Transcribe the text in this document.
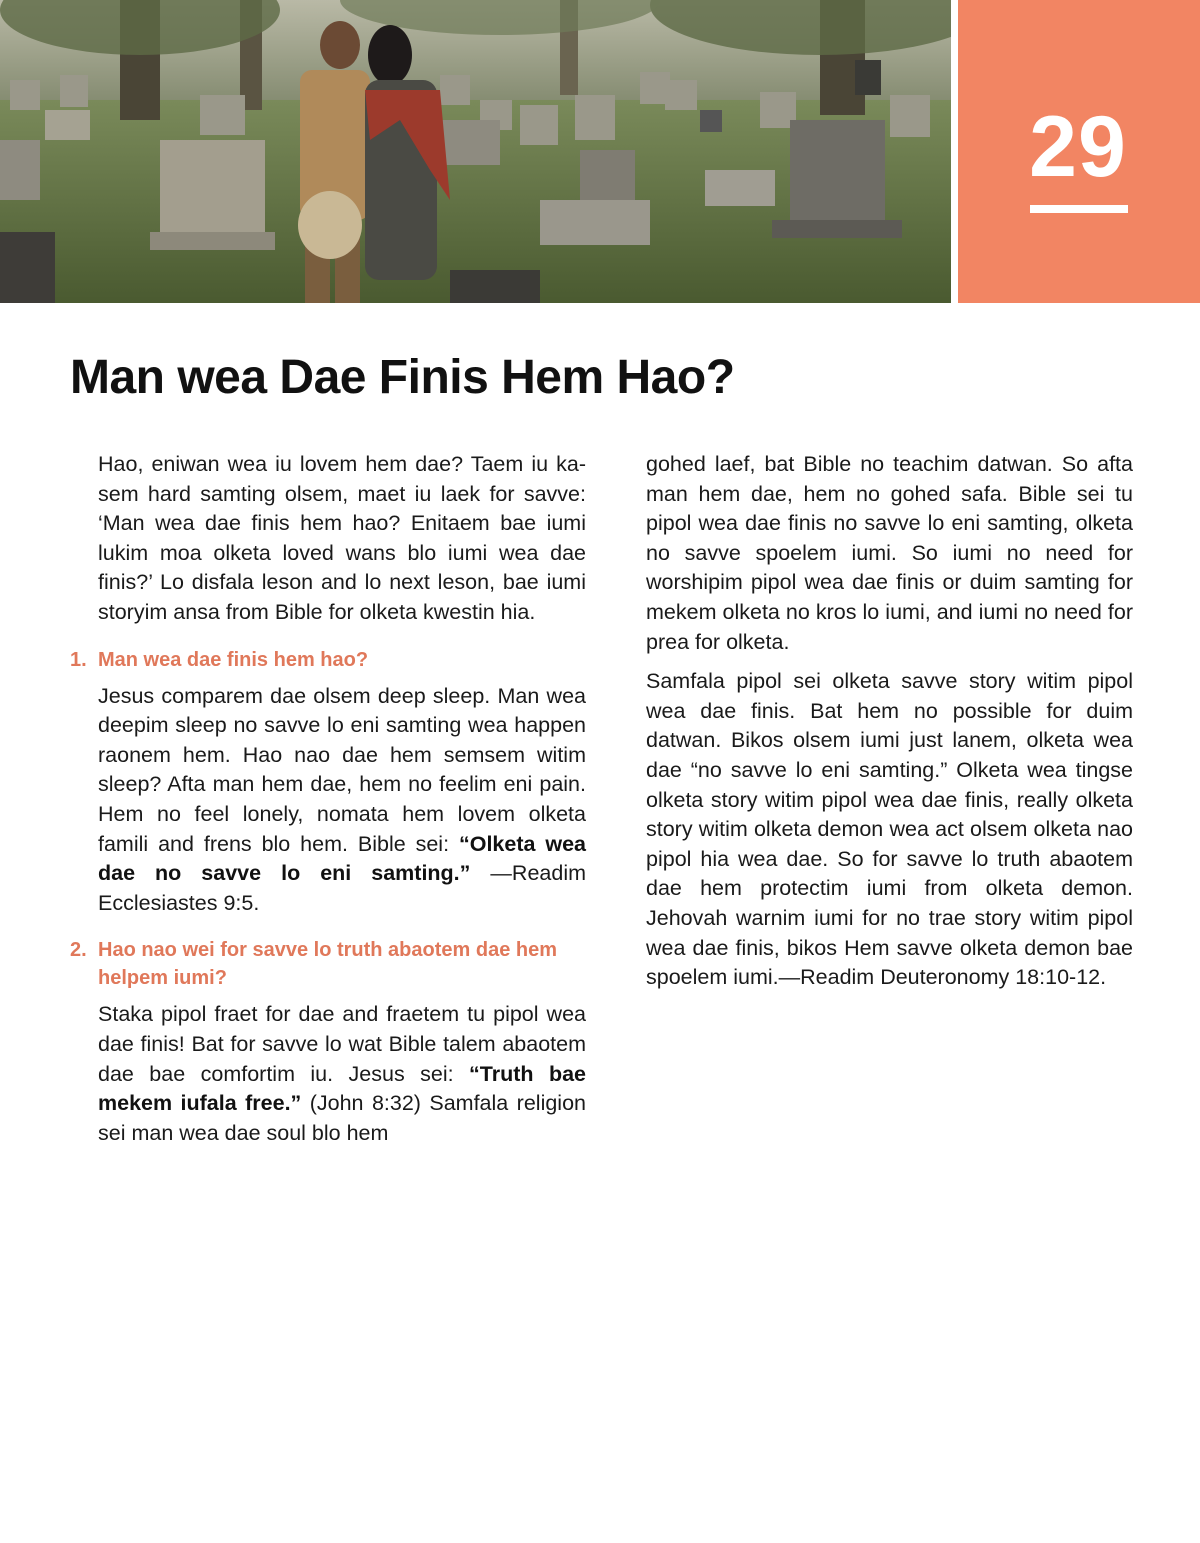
29
Man wea Dae Finis Hem Hao?

Hao, eniwan wea iu lovem hem dae? Taem iu kasem hard samting olsem, maet iu laek for savve: ‘Man wea dae finis hem hao? Enitaem bae iumi lukim moa olketa loved wans blo iumi wea dae finis?’ Lo disfala leson and lo next leson, bae iumi storyim ansa from Bible for olketa kwestin hia.

1. Man wea dae finis hem hao?

Jesus comparem dae olsem deep sleep. Man wea deepim sleep no savve lo eni samting wea happen raonem hem. Hao nao dae hem semsem witim sleep? Afta man hem dae, hem no feelim eni pain. Hem no feel lonely, nomata hem lovem olketa famili and frens blo hem. Bible sei: “Olketa wea dae no savve lo eni samting.” —Readim Ecclesiastes 9:5.

2. Hao nao wei for savve lo truth abaotem dae hem helpem iumi?

Staka pipol fraet for dae and fraetem tu pipol wea dae finis! Bat for savve lo wat Bible talem abaotem dae bae comfortim iu. Jesus sei: “Truth bae mekem iufala free.” (John 8:32) Samfala religion sei man wea dae soul blo hem

gohed laef, bat Bible no teachim datwan. So afta man hem dae, hem no gohed safa. Bible sei tu pipol wea dae finis no savve lo eni samting, olketa no savve spoelem iumi. So iumi no need for worshipim pipol wea dae finis or duim samting for mekem olketa no kros lo iumi, and iumi no need for prea for olketa.

Samfala pipol sei olketa savve story witim pipol wea dae finis. Bat hem no possible for duim datwan. Bikos olsem iumi just lanem, olketa wea dae “no savve lo eni samting.” Olketa wea tingse olketa story witim pipol wea dae finis, really olketa story witim olketa demon wea act olsem olketa nao pipol hia wea dae. So for savve lo truth abaotem dae hem protectim iumi from olketa demon. Jehovah warnim iumi for no trae story witim pipol wea dae finis, bikos Hem savve olketa demon bae spoelem iumi.—Readim Deuteronomy 18:10-12.
